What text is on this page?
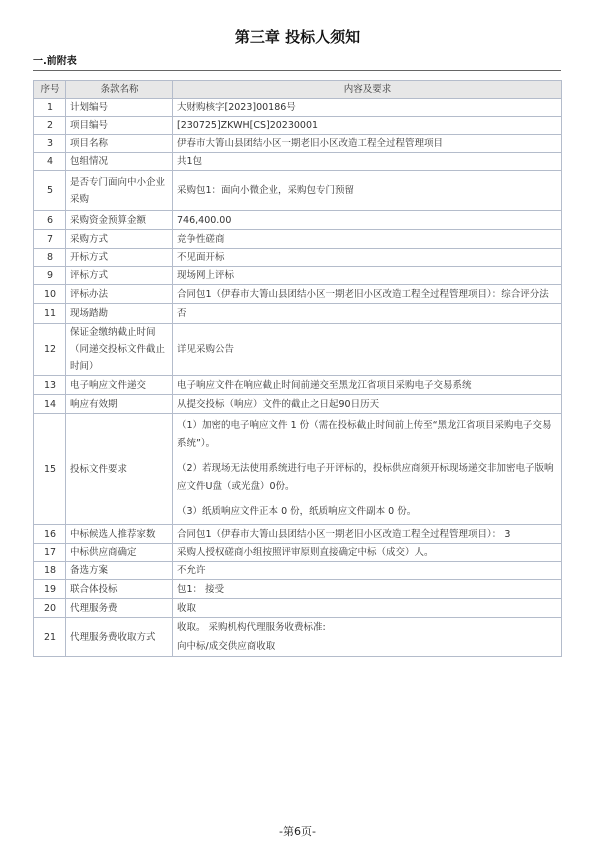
第三章 投标人须知
一.前附表
序号	条款名称	内容及要求
1	计划编号	大财购核字[2023]00186号

2	项目编号	[230725]ZKWH[CS]20230001

3	项目名称	伊春市大箐山县团结小区一期老旧小区改造工程全过程管理项目

4	包组情况	共1包

5	是否专门面向中小企业采购	采购包1：面向小微企业，采购包专门预留

6	采购资金预算金额	746,400.00

7	采购方式	竞争性磋商

8	开标方式	不见面开标

9	评标方式	现场网上评标

10	评标办法	合同包1（伊春市大箐山县团结小区一期老旧小区改造工程全过程管理项目）：综合评分法

11	现场踏勘	否

12	保证金缴纳截止时间（同递交投标文件截止时间）	详见采购公告

13	电子响应文件递交	电子响应文件在响应截止时间前递交至黑龙江省项目采购电子交易系统

14	响应有效期	从提交投标（响应）文件的截止之日起90日历天

15	投标文件要求	（1）加密的电子响应文件 1 份（需在投标截止时间前上传至“黑龙江省项目采购电子交易系统”）。
（2）若现场无法使用系统进行电子开评标的，投标供应商须开标现场递交非加密电子版响应文件U盘（或光盘）0份。
（3）纸质响应文件正本 0 份，纸质响应文件副本 0 份。

16	中标候选人推荐家数	合同包1（伊春市大箐山县团结小区一期老旧小区改造工程全过程管理项目）： 3

17	中标供应商确定	采购人授权磋商小组按照评审原则直接确定中标（成交）人。

18	备选方案	不允许

19	联合体投标	包1： 接受

20	代理服务费	收取

21	代理服务费收取方式	收取。 采购机构代理服务收费标准:
向中标/成交供应商收取
-第6页-
